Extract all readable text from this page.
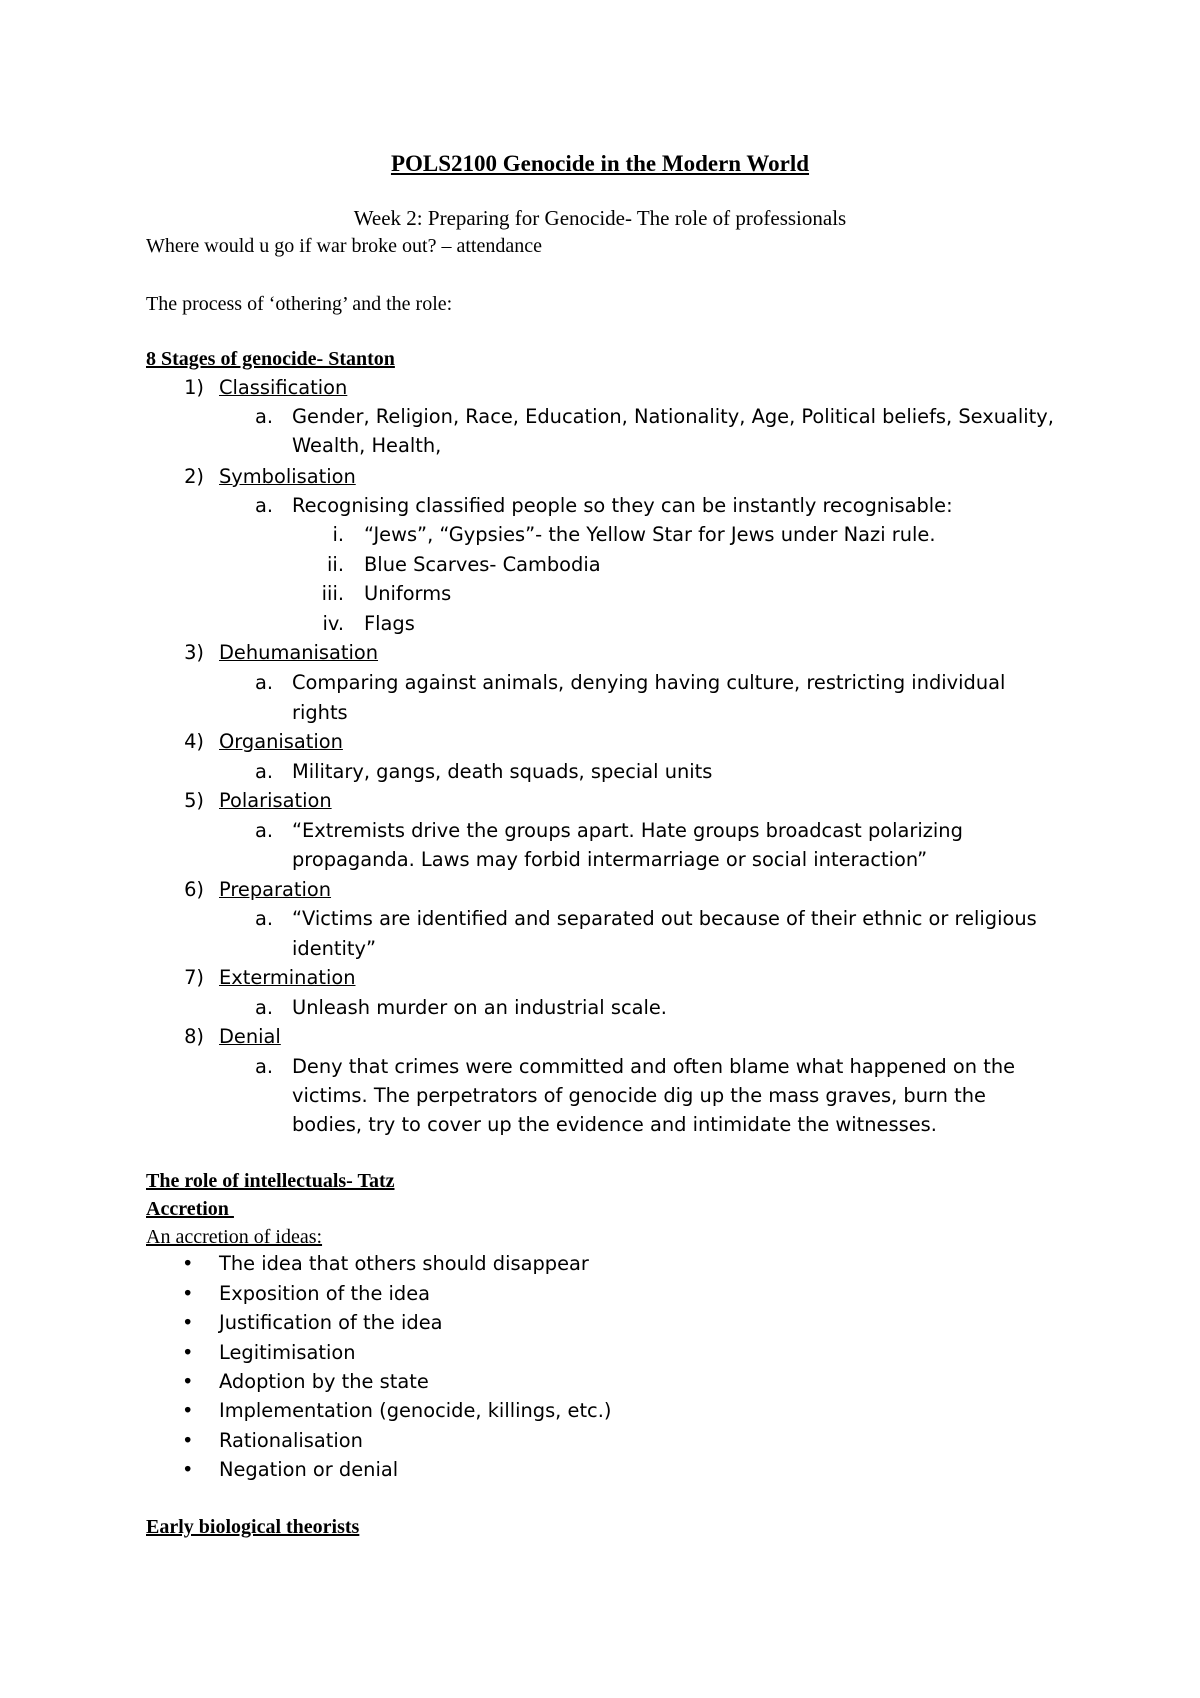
POLS2100 Genocide in the Modern World
Week 2: Preparing for Genocide- The role of professionals
Where would u go if war broke out? – attendance
The process of ‘othering’ and the role:
8 Stages of genocide- Stanton
1) Classification
a. Gender, Religion, Race, Education, Nationality, Age, Political beliefs, Sexuality,
Wealth, Health,
2) Symbolisation
a. Recognising classified people so they can be instantly recognisable:
i. “Jews”, “Gypsies”- the Yellow Star for Jews under Nazi rule.
ii. Blue Scarves- Cambodia
iii. Uniforms
iv. Flags
3) Dehumanisation
a. Comparing against animals, denying having culture, restricting individual
rights
4) Organisation
a. Military, gangs, death squads, special units
5) Polarisation
a. “Extremists drive the groups apart. Hate groups broadcast polarizing
propaganda. Laws may forbid intermarriage or social interaction”
6) Preparation
a. “Victims are identified and separated out because of their ethnic or religious
identity”
7) Extermination
a. Unleash murder on an industrial scale.
8) Denial
a. Deny that crimes were committed and often blame what happened on the
victims. The perpetrators of genocide dig up the mass graves, burn the
bodies, try to cover up the evidence and intimidate the witnesses.
The role of intellectuals- Tatz
Accretion
An accretion of ideas:
• The idea that others should disappear
• Exposition of the idea
• Justification of the idea
• Legitimisation
• Adoption by the state
• Implementation (genocide, killings, etc.)
• Rationalisation
• Negation or denial
Early biological theorists
